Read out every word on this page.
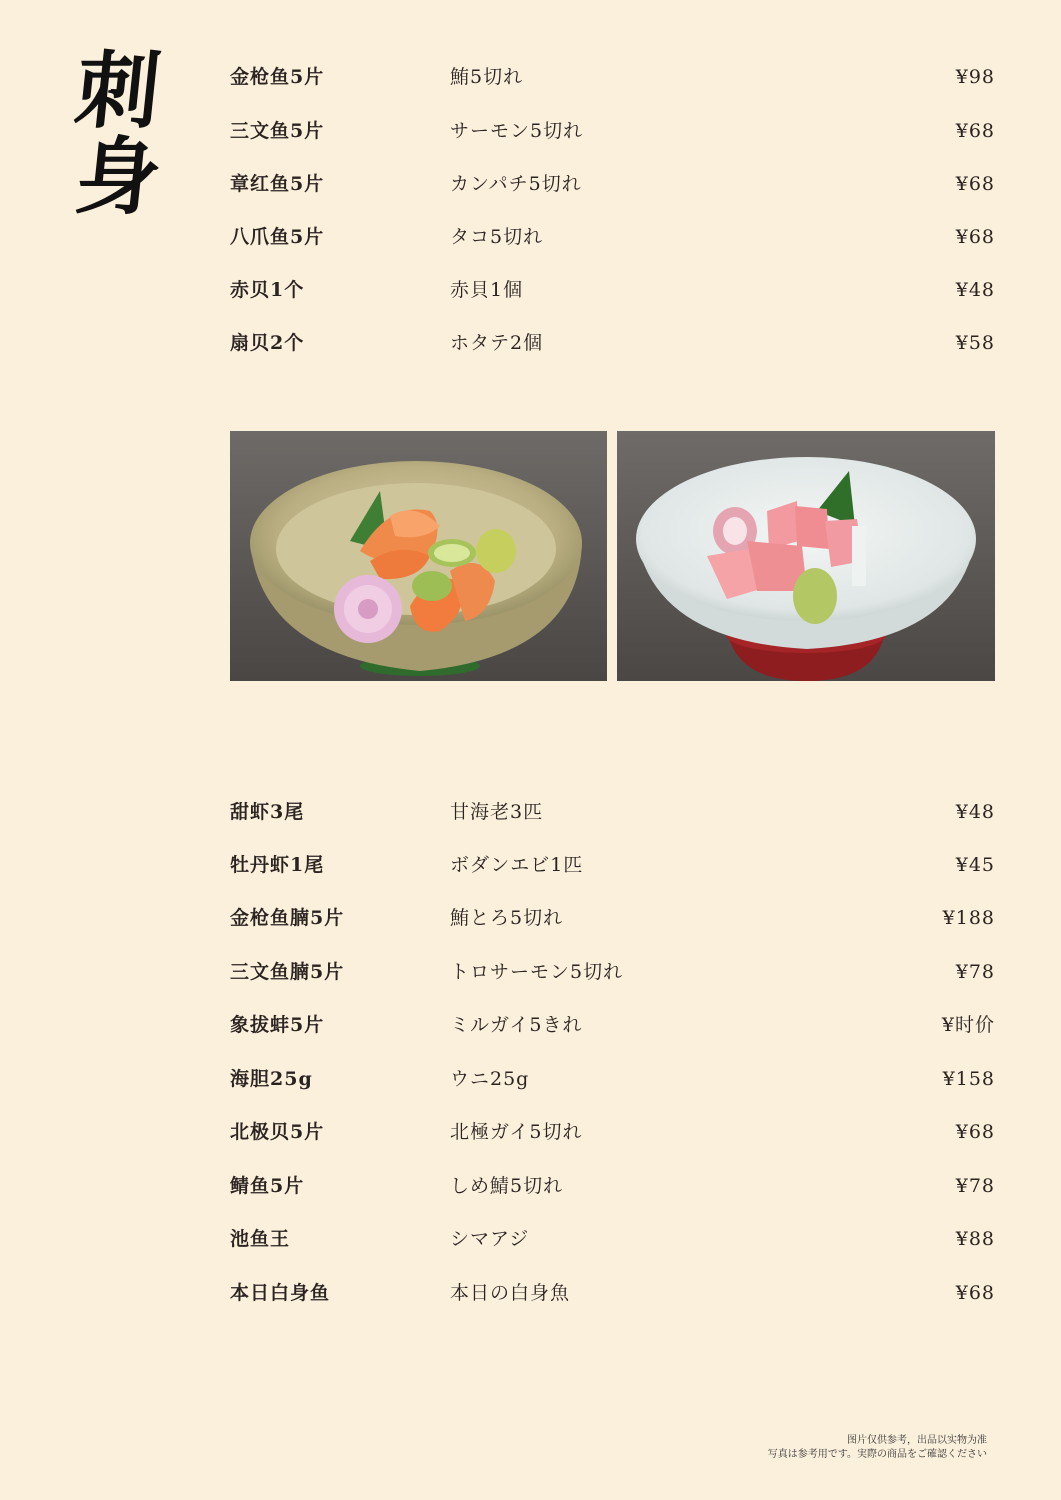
刺
身
金枪鱼5片	鮪5切れ	¥98
三文鱼5片	サーモン5切れ	¥68
章红鱼5片	カンパチ5切れ	¥68
八爪鱼5片	タコ5切れ	¥68
赤贝1个	赤貝1個	¥48
扇贝2个	ホタテ2個	¥58
甜虾3尾	甘海老3匹	¥48
牡丹虾1尾	ボダンエビ1匹	¥45
金枪鱼腩5片	鮪とろ5切れ	¥188
三文鱼腩5片	トロサーモン5切れ	¥78
象拔蚌5片	ミルガイ5きれ	¥时价
海胆25g	ウニ25g	¥158
北极贝5片	北極ガイ5切れ	¥68
鲭鱼5片	しめ鯖5切れ	¥78
池鱼王	シマアジ	¥88
本日白身鱼	本日の白身魚	¥68
图片仅供参考，出品以实物为准
写真は参考用です。実際の商品をご確認ください
